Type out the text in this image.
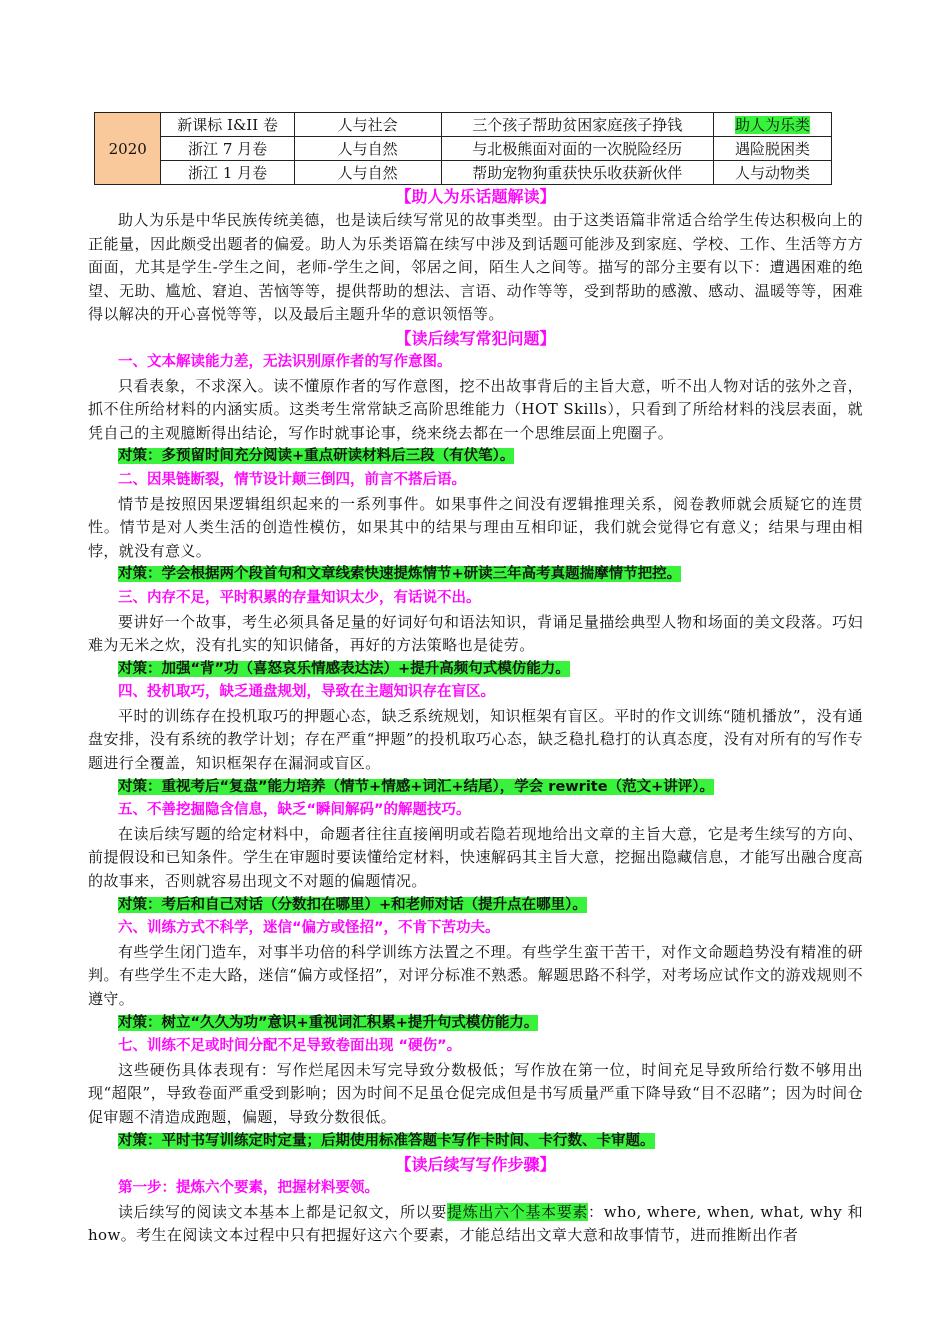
2020	新课标 I&II 卷	人与社会	三个孩子帮助贫困家庭孩子挣钱	助人为乐类
	浙江 7 月卷	人与自然	与北极熊面对面的一次脱险经历	遇险脱困类
	浙江 1 月卷	人与自然	帮助宠物狗重获快乐收获新伙伴	人与动物类

【助人为乐话题解读】

助人为乐是中华民族传统美德，也是读后续写常见的故事类型。由于这类语篇非常适合给学生传达积极向上的正能量，因此颇受出题者的偏爱。助人为乐类语篇在续写中涉及到话题可能涉及到家庭、学校、工作、生活等方方面面，尤其是学生-学生之间，老师-学生之间，邻居之间，陌生人之间等。描写的部分主要有以下：遭遇困难的绝望、无助、尴尬、窘迫、苦恼等等，提供帮助的想法、言语、动作等等，受到帮助的感激、感动、温暖等等，困难得以解决的开心喜悦等等，以及最后主题升华的意识领悟等。

【读后续写常犯问题】

一、文本解读能力差，无法识别原作者的写作意图。

只看表象，不求深入。读不懂原作者的写作意图，挖不出故事背后的主旨大意，听不出人物对话的弦外之音，抓不住所给材料的内涵实质。这类考生常常缺乏高阶思维能力（HOT Skills），只看到了所给材料的浅层表面，就凭自己的主观臆断得出结论，写作时就事论事，绕来绕去都在一个思维层面上兜圈子。

对策：多预留时间充分阅读+重点研读材料后三段（有伏笔）。

二、因果链断裂，情节设计颠三倒四，前言不搭后语。

情节是按照因果逻辑组织起来的一系列事件。如果事件之间没有逻辑推理关系，阅卷教师就会质疑它的连贯性。情节是对人类生活的创造性模仿，如果其中的结果与理由互相印证，我们就会觉得它有意义；结果与理由相悖，就没有意义。

对策：学会根据两个段首句和文章线索快速提炼情节+研读三年高考真题揣摩情节把控。

三、内存不足，平时积累的存量知识太少，有话说不出。

要讲好一个故事，考生必须具备足量的好词好句和语法知识，背诵足量描绘典型人物和场面的美文段落。巧妇难为无米之炊，没有扎实的知识储备，再好的方法策略也是徒劳。

对策：加强“背”功（喜怒哀乐情感表达法）+提升高频句式模仿能力。

四、投机取巧，缺乏通盘规划，导致在主题知识存在盲区。

平时的训练存在投机取巧的押题心态，缺乏系统规划，知识框架有盲区。平时的作文训练“随机播放”，没有通盘安排，没有系统的教学计划；存在严重“押题”的投机取巧心态，缺乏稳扎稳打的认真态度，没有对所有的写作专题进行全覆盖，知识框架存在漏洞或盲区。

对策：重视考后“复盘”能力培养（情节+情感+词汇+结尾），学会 rewrite（范文+讲评）。

五、不善挖掘隐含信息，缺乏“瞬间解码”的解题技巧。

在读后续写题的给定材料中，命题者往往直接阐明或若隐若现地给出文章的主旨大意，它是考生续写的方向、前提假设和已知条件。学生在审题时要读懂给定材料，快速解码其主旨大意，挖掘出隐藏信息，才能写出融合度高的故事来，否则就容易出现文不对题的偏题情况。

对策：考后和自己对话（分数扣在哪里）+和老师对话（提升点在哪里）。

六、训练方式不科学，迷信“偏方或怪招”，不肯下苦功夫。

有些学生闭门造车，对事半功倍的科学训练方法置之不理。有些学生蛮干苦干，对作文命题趋势没有精准的研判。有些学生不走大路，迷信“偏方或怪招”，对评分标准不熟悉。解题思路不科学，对考场应试作文的游戏规则不遵守。

对策：树立“久久为功”意识+重视词汇积累+提升句式模仿能力。

七、训练不足或时间分配不足导致卷面出现 “硬伤”。

这些硬伤具体表现有：写作烂尾因未写完导致分数极低；写作放在第一位，时间充足导致所给行数不够用出现“超限”，导致卷面严重受到影响；因为时间不足虽仓促完成但是书写质量严重下降导致“目不忍睹”；因为时间仓促审题不清造成跑题，偏题，导致分数很低。

对策：平时书写训练定时定量；后期使用标准答题卡写作卡时间、卡行数、卡审题。

【读后续写写作步骤】

第一步：提炼六个要素，把握材料要领。

读后续写的阅读文本基本上都是记叙文，所以要提炼出六个基本要素：who, where, when, what, why 和 how。考生在阅读文本过程中只有把握好这六个要素，才能总结出文章大意和故事情节，进而推断出作者
